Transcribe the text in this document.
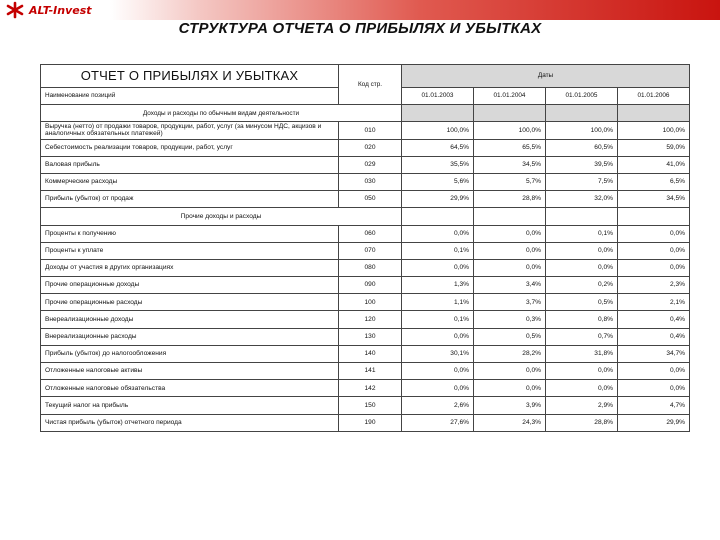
ALT-Invest
СТРУКТУРА ОТЧЕТА О ПРИБЫЛЯХ И УБЫТКАХ
ОТЧЕТ О ПРИБЫЛЯХ И УБЫТКАХ	Код стр.	Даты			
Наименование позиций		01.01.2003	01.01.2004	01.01.2005	01.01.2006
Доходы и расходы по обычным видам деятельности					
Выручка (нетто) от продажи товаров, продукции, работ, услуг (за минусом НДС, акцизов и аналогичных обязательных платежей)	010	100,0%	100,0%	100,0%	100,0%
Себестоимость реализации товаров, продукции, работ, услуг	020	64,5%	65,5%	60,5%	59,0%
Валовая прибыль	029	35,5%	34,5%	39,5%	41,0%
Коммерческие расходы	030	5,6%	5,7%	7,5%	6,5%
Прибыль (убыток) от продаж	050	29,9%	28,8%	32,0%	34,5%
Прочие доходы и расходы					
Проценты к получению	060	0,0%	0,0%	0,1%	0,0%
Проценты к уплате	070	0,1%	0,0%	0,0%	0,0%
Доходы от участия в других организациях	080	0,0%	0,0%	0,0%	0,0%
Прочие операционные доходы	090	1,3%	3,4%	0,2%	2,3%
Прочие операционные расходы	100	1,1%	3,7%	0,5%	2,1%
Внереализационные доходы	120	0,1%	0,3%	0,8%	0,4%
Внереализационные расходы	130	0,0%	0,5%	0,7%	0,4%
Прибыль (убыток) до налогообложения	140	30,1%	28,2%	31,8%	34,7%
Отложенные налоговые активы	141	0,0%	0,0%	0,0%	0,0%
Отложенные налоговые обязательства	142	0,0%	0,0%	0,0%	0,0%
Текущий налог на прибыль	150	2,6%	3,9%	2,9%	4,7%
Чистая прибыль (убыток) отчетного периода	190	27,6%	24,3%	28,8%	29,9%
